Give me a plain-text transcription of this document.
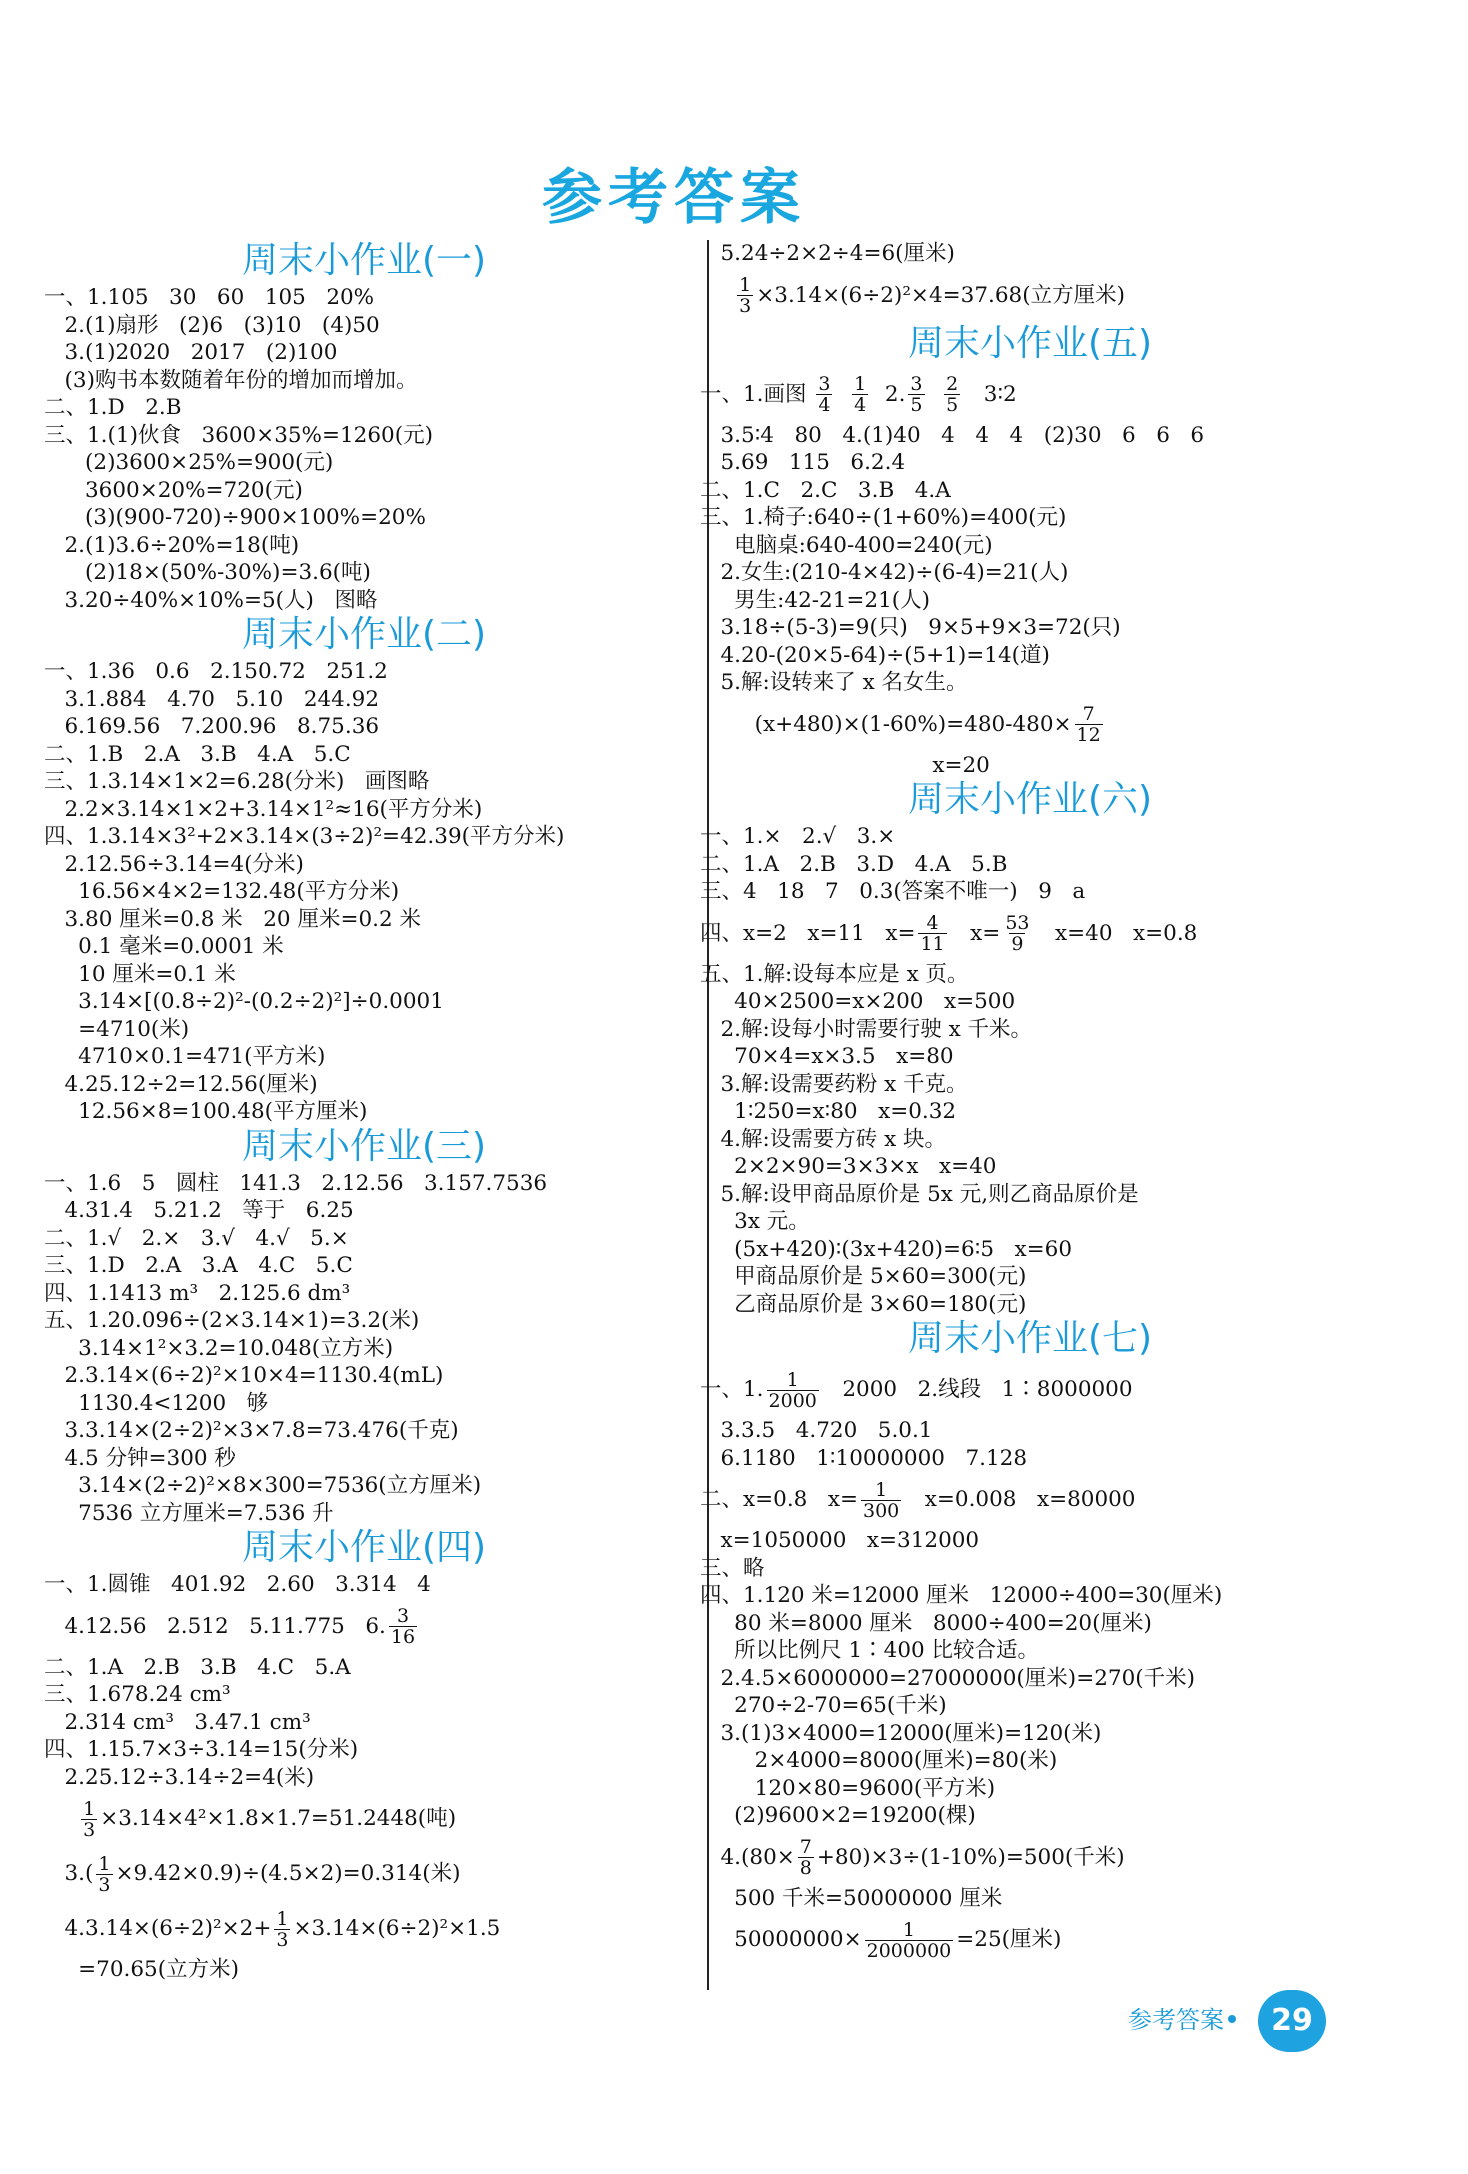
参考答案
周末小作业(一)
一、1.105   30   60   105   20%
2.(1)扇形   (2)6   (3)10   (4)50
3.(1)2020   2017   (2)100
(3)购书本数随着年份的增加而增加。
二、1.D   2.B
三、1.(1)伙食   3600×35%=1260(元)
(2)3600×25%=900(元)
3600×20%=720(元)
(3)(900-720)÷900×100%=20%
2.(1)3.6÷20%=18(吨)
(2)18×(50%-30%)=3.6(吨)
3.20÷40%×10%=5(人)   图略
周末小作业(二)
一、1.36   0.6   2.150.72   251.2
3.1.884   4.70   5.10   244.92
6.169.56   7.200.96   8.75.36
二、1.B   2.A   3.B   4.A   5.C
三、1.3.14×1×2=6.28(分米)   画图略
2.2×3.14×1×2+3.14×1²≈16(平方分米)
四、1.3.14×3²+2×3.14×(3÷2)²=42.39(平方分米)
2.12.56÷3.14=4(分米)
16.56×4×2=132.48(平方分米)
3.80 厘米=0.8 米   20 厘米=0.2 米
0.1 毫米=0.0001 米
10 厘米=0.1 米
3.14×[(0.8÷2)²-(0.2÷2)²]÷0.0001
=4710(米)
4710×0.1=471(平方米)
4.25.12÷2=12.56(厘米)
12.56×8=100.48(平方厘米)
周末小作业(三)
一、1.6   5   圆柱   141.3   2.12.56   3.157.7536
4.31.4   5.21.2   等于   6.25
二、1.√   2.×   3.√   4.√   5.×
三、1.D   2.A   3.A   4.C   5.C
四、1.1413 m³   2.125.6 dm³
五、1.20.096÷(2×3.14×1)=3.2(米)
3.14×1²×3.2=10.048(立方米)
2.3.14×(6÷2)²×10×4=1130.4(mL)
1130.4<1200   够
3.3.14×(2÷2)²×3×7.8=73.476(千克)
4.5 分钟=300 秒
3.14×(2÷2)²×8×300=7536(立方厘米)
7536 立方厘米=7.536 升
周末小作业(四)
一、1.圆锥   401.92   2.60   3.314   4
4.12.56   2.512   5.11.775   6. $\frac{3}{16}$
二、1.A   2.B   3.B   4.C   5.A
三、1.678.24 cm³
2.314 cm³   3.47.1 cm³
四、1.15.7×3÷3.14=15(分米)
2.25.12÷3.14÷2=4(米)

$\frac{1}{3} \times 3.14\times 4^2\times 1.8\times 1.7=51.2448$(吨)
$3.( \frac{1}{3} \times 9.42\times 0.9)\div(4.5\times 2)=0.314$(米)
$4.3.14\times(6\div 2)^2\times 2+ \frac{1}{3} \times 3.14\times(6\div 2)^2\times 1.5$
=70.65(立方米)
5.24÷2×2÷4=6(厘米)

$\frac{1}{3} \times 3.14\times(6\div 2)^2\times 4=37.68$(立方厘米)
周末小作业(五)
一、1.画图 $\frac{3}{4}$
$\frac{1}{4} 2$. $\frac{3}{5}$
$\frac{2}{5}$ 3∶2
3.5∶4   80   4.(1)40   4   4   4   (2)30   6   6   6
5.69   115   6.2.4
二、1.C   2.C   3.B   4.A
三、1.椅子:640÷(1+60%)=400(元)
电脑桌:640-400=240(元)
2.女生:(210-4×42)÷(6-4)=21(人)
男生:42-21=21(人)
3.18÷(5-3)=9(只)   9×5+9×3=72(只)
4.20-(20×5-64)÷(5+1)=14(道)
5.解:设转来了 x 名女生。
$(x+480)\times(1-60\%)=480-480\times \frac{7}{12}$
x=20
周末小作业(六)
一、1.×   2.√   3.×
二、1.A   2.B   3.D   4.A   5.B
三、4   18   7   0.3(答案不唯一)   9   a
四、x=2   x=11   $x= \frac{4}{11} x= \frac{53}{9} x=40$   x=0.8
五、1.解:设每本应是 x 页。
40×2500=x×200   x=500
2.解:设每小时需要行驶 x 千米。
70×4=x×3.5   x=80
3.解:设需要药粉 x 千克。
1∶250=x∶80   x=0.32
4.解:设需要方砖 x 块。
2×2×90=3×3×x   x=40
5.解:设甲商品原价是 5x 元,则乙商品原价是
3x 元。
(5x+420)∶(3x+420)=6∶5   x=60
甲商品原价是 5×60=300(元)
乙商品原价是 3×60=180(元)
周末小作业(七)
一、1. $\frac{1}{2000} 2000$   2.线段   1∶8000000
3.3.5   4.720   5.0.1
6.1180   1∶10000000   7.128
二、x=0.8   $x= \frac{1}{300} x=0.008$   x=80000
x=1050000   x=312000
三、略
四、1.120 米=12000 厘米   12000÷400=30(厘米)
80 米=8000 厘米   8000÷400=20(厘米)
所以比例尺 1∶400 比较合适。
2.4.5×6000000=27000000(厘米)=270(千米)
270÷2-70=65(千米)
3.(1)3×4000=12000(厘米)=120(米)
2×4000=8000(厘米)=80(米)
120×80=9600(平方米)
(2)9600×2=19200(棵)
$4.(80\times \frac{7}{8} +80)\times 3\div(1-10\%)=500$(千米)
500 千米=50000000 厘米
$50000000\times \frac{1}{2000000} =25$(厘米)
参考答案	29
